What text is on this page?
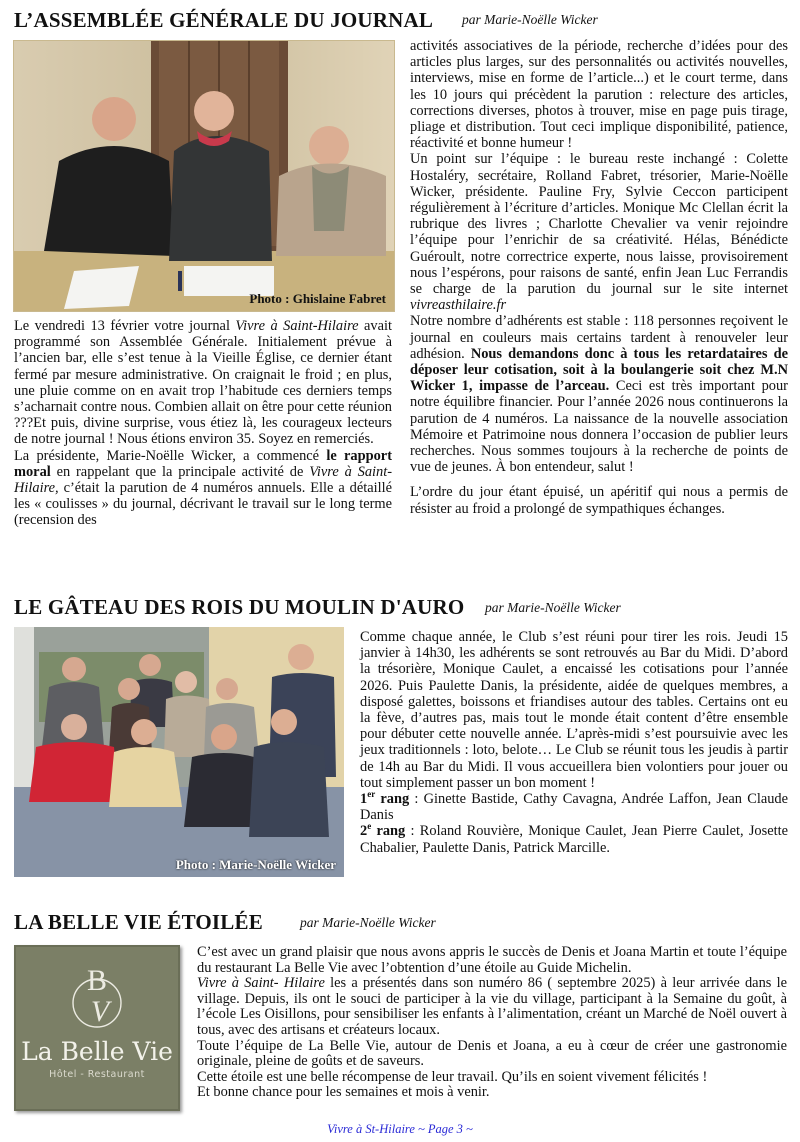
L’ASSEMBLÉE GÉNÉRALE DU JOURNAL par Marie-Noëlle Wicker
Photo : Ghislaine Fabret

Le vendredi 13 février votre journal Vivre à Saint-Hilaire avait programmé son Assemblée Générale. Initialement prévue à l’ancien bar, elle s’est tenue à la Vieille Église, ce dernier étant fermé par mesure administrative. On craignait le froid ; en plus, une pluie comme on en avait trop l’habitude ces derniers temps s’acharnait contre nous. Combien allait on être pour cette réunion ???Et puis, divine surprise, vous étiez là, les courageux lecteurs de notre journal ! Nous étions environ 35. Soyez en remerciés.

La présidente, Marie-Noëlle Wicker, a commencé le rapport moral en rappelant que la principale activité de Vivre à Saint-Hilaire, c’était la parution de 4 numéros annuels. Elle a détaillé les « coulisses » du journal, décrivant le travail sur le long terme (recension des

activités associatives de la période, recherche d’idées pour des articles plus larges, sur des personnalités ou activités nouvelles, interviews, mise en forme de l’article...) et le court terme, dans les 10 jours qui précèdent la parution : relecture des articles, corrections diverses, photos à trouver, mise en page puis tirage, pliage et distribution. Tout ceci implique disponibilité, patience, réactivité et bonne humeur !

Un point sur l’équipe : le bureau reste inchangé : Colette Hostaléry, secrétaire, Rolland Fabret, trésorier, Marie-Noëlle Wicker, présidente. Pauline Fry, Sylvie Ceccon participent régulièrement à l’écriture d’articles. Monique Mc Clellan écrit la rubrique des livres ; Charlotte Chevalier va venir rejoindre l’équipe pour l’enrichir de sa créativité. Hélas, Bénédicte Guéroult, notre correctrice experte, nous laisse, provisoirement nous l’espérons, pour raisons de santé, enfin Jean Luc Ferrandis se charge de la parution du journal sur le site internet vivreasthilaire.fr

Notre nombre d’adhérents est stable : 118 personnes reçoivent le journal en couleurs mais certains tardent à renouveler leur adhésion. Nous demandons donc à tous les retardataires de déposer leur cotisation, soit à la boulangerie soit chez M.N Wicker 1, impasse de l’arceau. Ceci est très important pour notre équilibre financier. Pour l’année 2026 nous continuerons la parution de 4 numéros. La naissance de la nouvelle association Mémoire et Patrimoine nous donnera l’occasion de publier leurs recherches. Nous sommes toujours à la recherche de points de vue de jeunes. À bon entendeur, salut !

L’ordre du jour étant épuisé, un apéritif qui nous a permis de résister au froid a prolongé de sympathiques échanges.

LE GÂTEAU DES ROIS DU MOULIN D'AURO par Marie-Noëlle Wicker
Photo : Marie-Noëlle Wicker

Comme chaque année, le Club s’est réuni pour tirer les rois. Jeudi 15 janvier à 14h30, les adhérents se sont retrouvés au Bar du Midi. D’abord la trésorière, Monique Caulet, a encaissé les cotisations pour l’année 2026. Puis Paulette Danis, la présidente, aidée de quelques membres, a disposé galettes, boissons et friandises autour des tables. Certains ont eu la fève, d’autres pas, mais tout le monde était content d’être ensemble pour débuter cette nouvelle année. L’après-midi s’est poursuivie avec les jeux traditionnels : loto, belote… Le Club se réunit tous les jeudis à partir de 14h au Bar du Midi. Il vous accueillera bien volontiers pour jouer ou tout simplement passer un bon moment !

1er rang : Ginette Bastide, Cathy Cavagna, Andrée Laffon, Jean Claude Danis

2e rang : Roland Rouvière, Monique Caulet, Jean Pierre Caulet, Josette Chabalier, Paulette Danis, Patrick Marcille.

LA BELLE VIE ÉTOILÉE	par Marie-Noëlle Wicker
B
V
La Belle Vie
Hôtel - Restaurant

C’est avec un grand plaisir que nous avons appris le succès de Denis et Joana Martin et toute l’équipe du restaurant La Belle Vie avec l’obtention d’une étoile au Guide Michelin.

Vivre à Saint- Hilaire les a présentés dans son numéro 86 ( septembre 2025) à leur arrivée dans le village. Depuis, ils ont le souci de participer à la vie du village, participant à la Semaine du goût, à l’école Les Oisillons, pour sensibiliser les enfants à l’alimentation, créant un Marché de Noël ouvert à tous, avec des artisans et créateurs locaux.

Toute l’équipe de La Belle Vie, autour de Denis et Joana, a eu à cœur de créer une gastronomie originale, pleine de goûts et de saveurs.

Cette étoile est une belle récompense de leur travail. Qu’ils en soient vivement félicités !

Et bonne chance pour les semaines et mois à venir.

Vivre à St-Hilaire ~ Page 3 ~
